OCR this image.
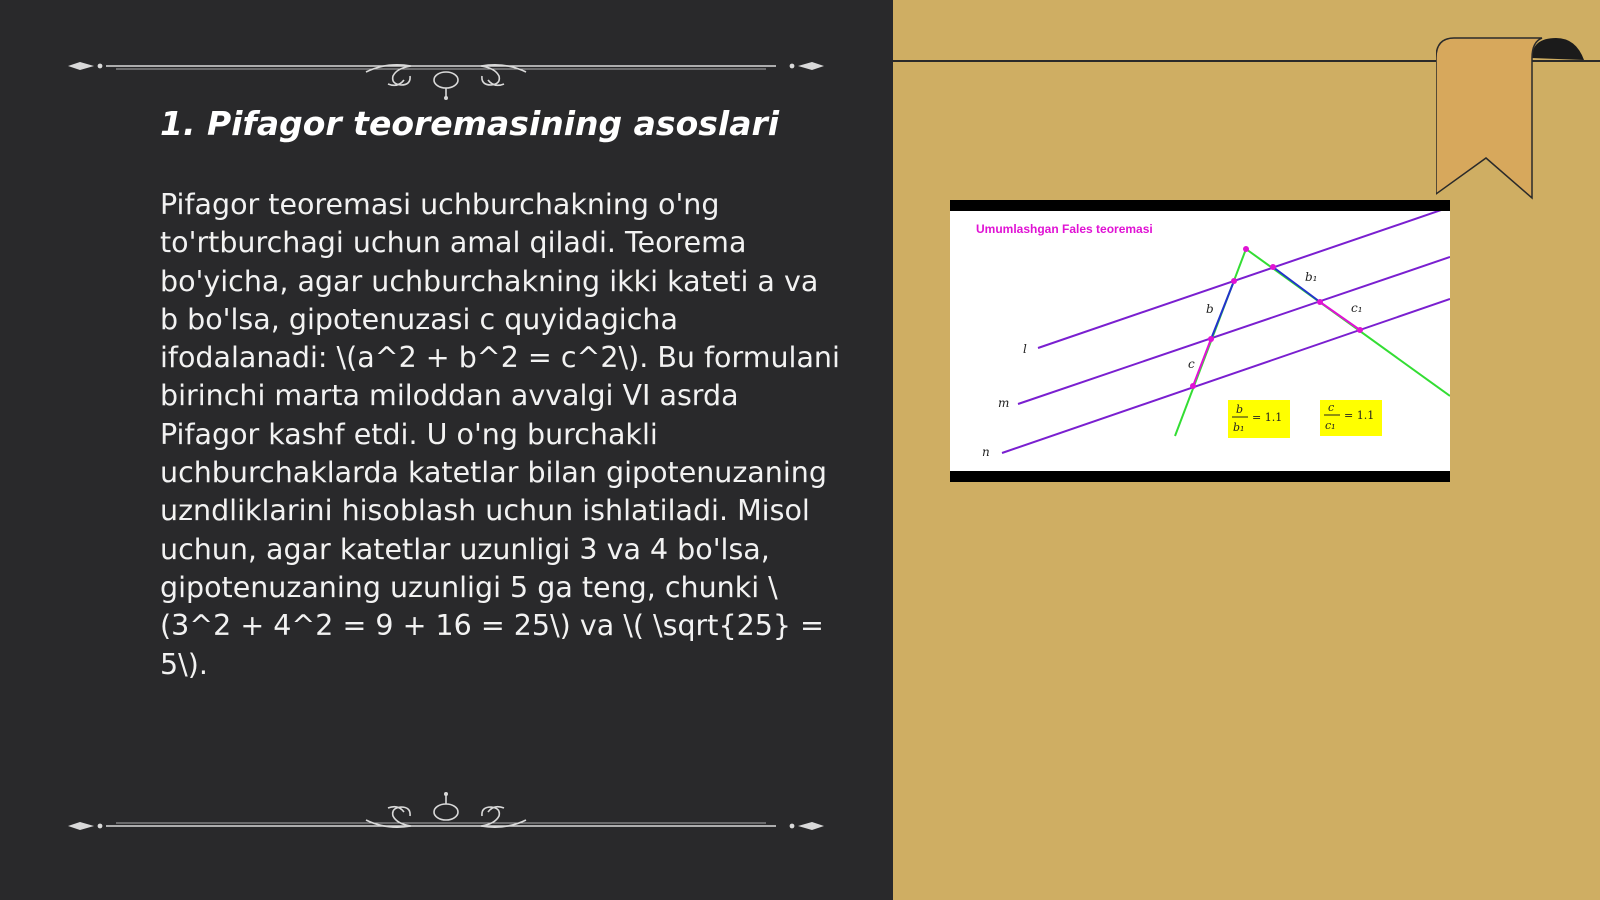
1. Pifagor teoremasining asoslari

Pifagor teoremasi uchburchakning o'ng to'rtburchagi uchun amal qiladi. Teorema bo'yicha, agar uchburchakning ikki kateti a va b bo'lsa, gipotenuzasi c quyidagicha ifodalanadi: \(a^2 + b^2 = c^2\). Bu formulani birinchi marta miloddan avvalgi VI asrda Pifagor kashf etdi. U o'ng burchakli uchburchaklarda katetlar bilan gipotenuzaning uzndliklarini hisoblash uchun ishlatiladi. Misol uchun, agar katetlar uzunligi 3 va 4 bo'lsa, gipotenuzaning uzunligi 5 ga teng, chunki \(3^2 + 4^2 = 9 + 16 = 25\) va \( \sqrt{25} = 5\).

Umumlashgan Fales teoremasi
l
m
n
b
c
b₁
c₁
b
b₁
= 1.1
c
c₁
= 1.1
